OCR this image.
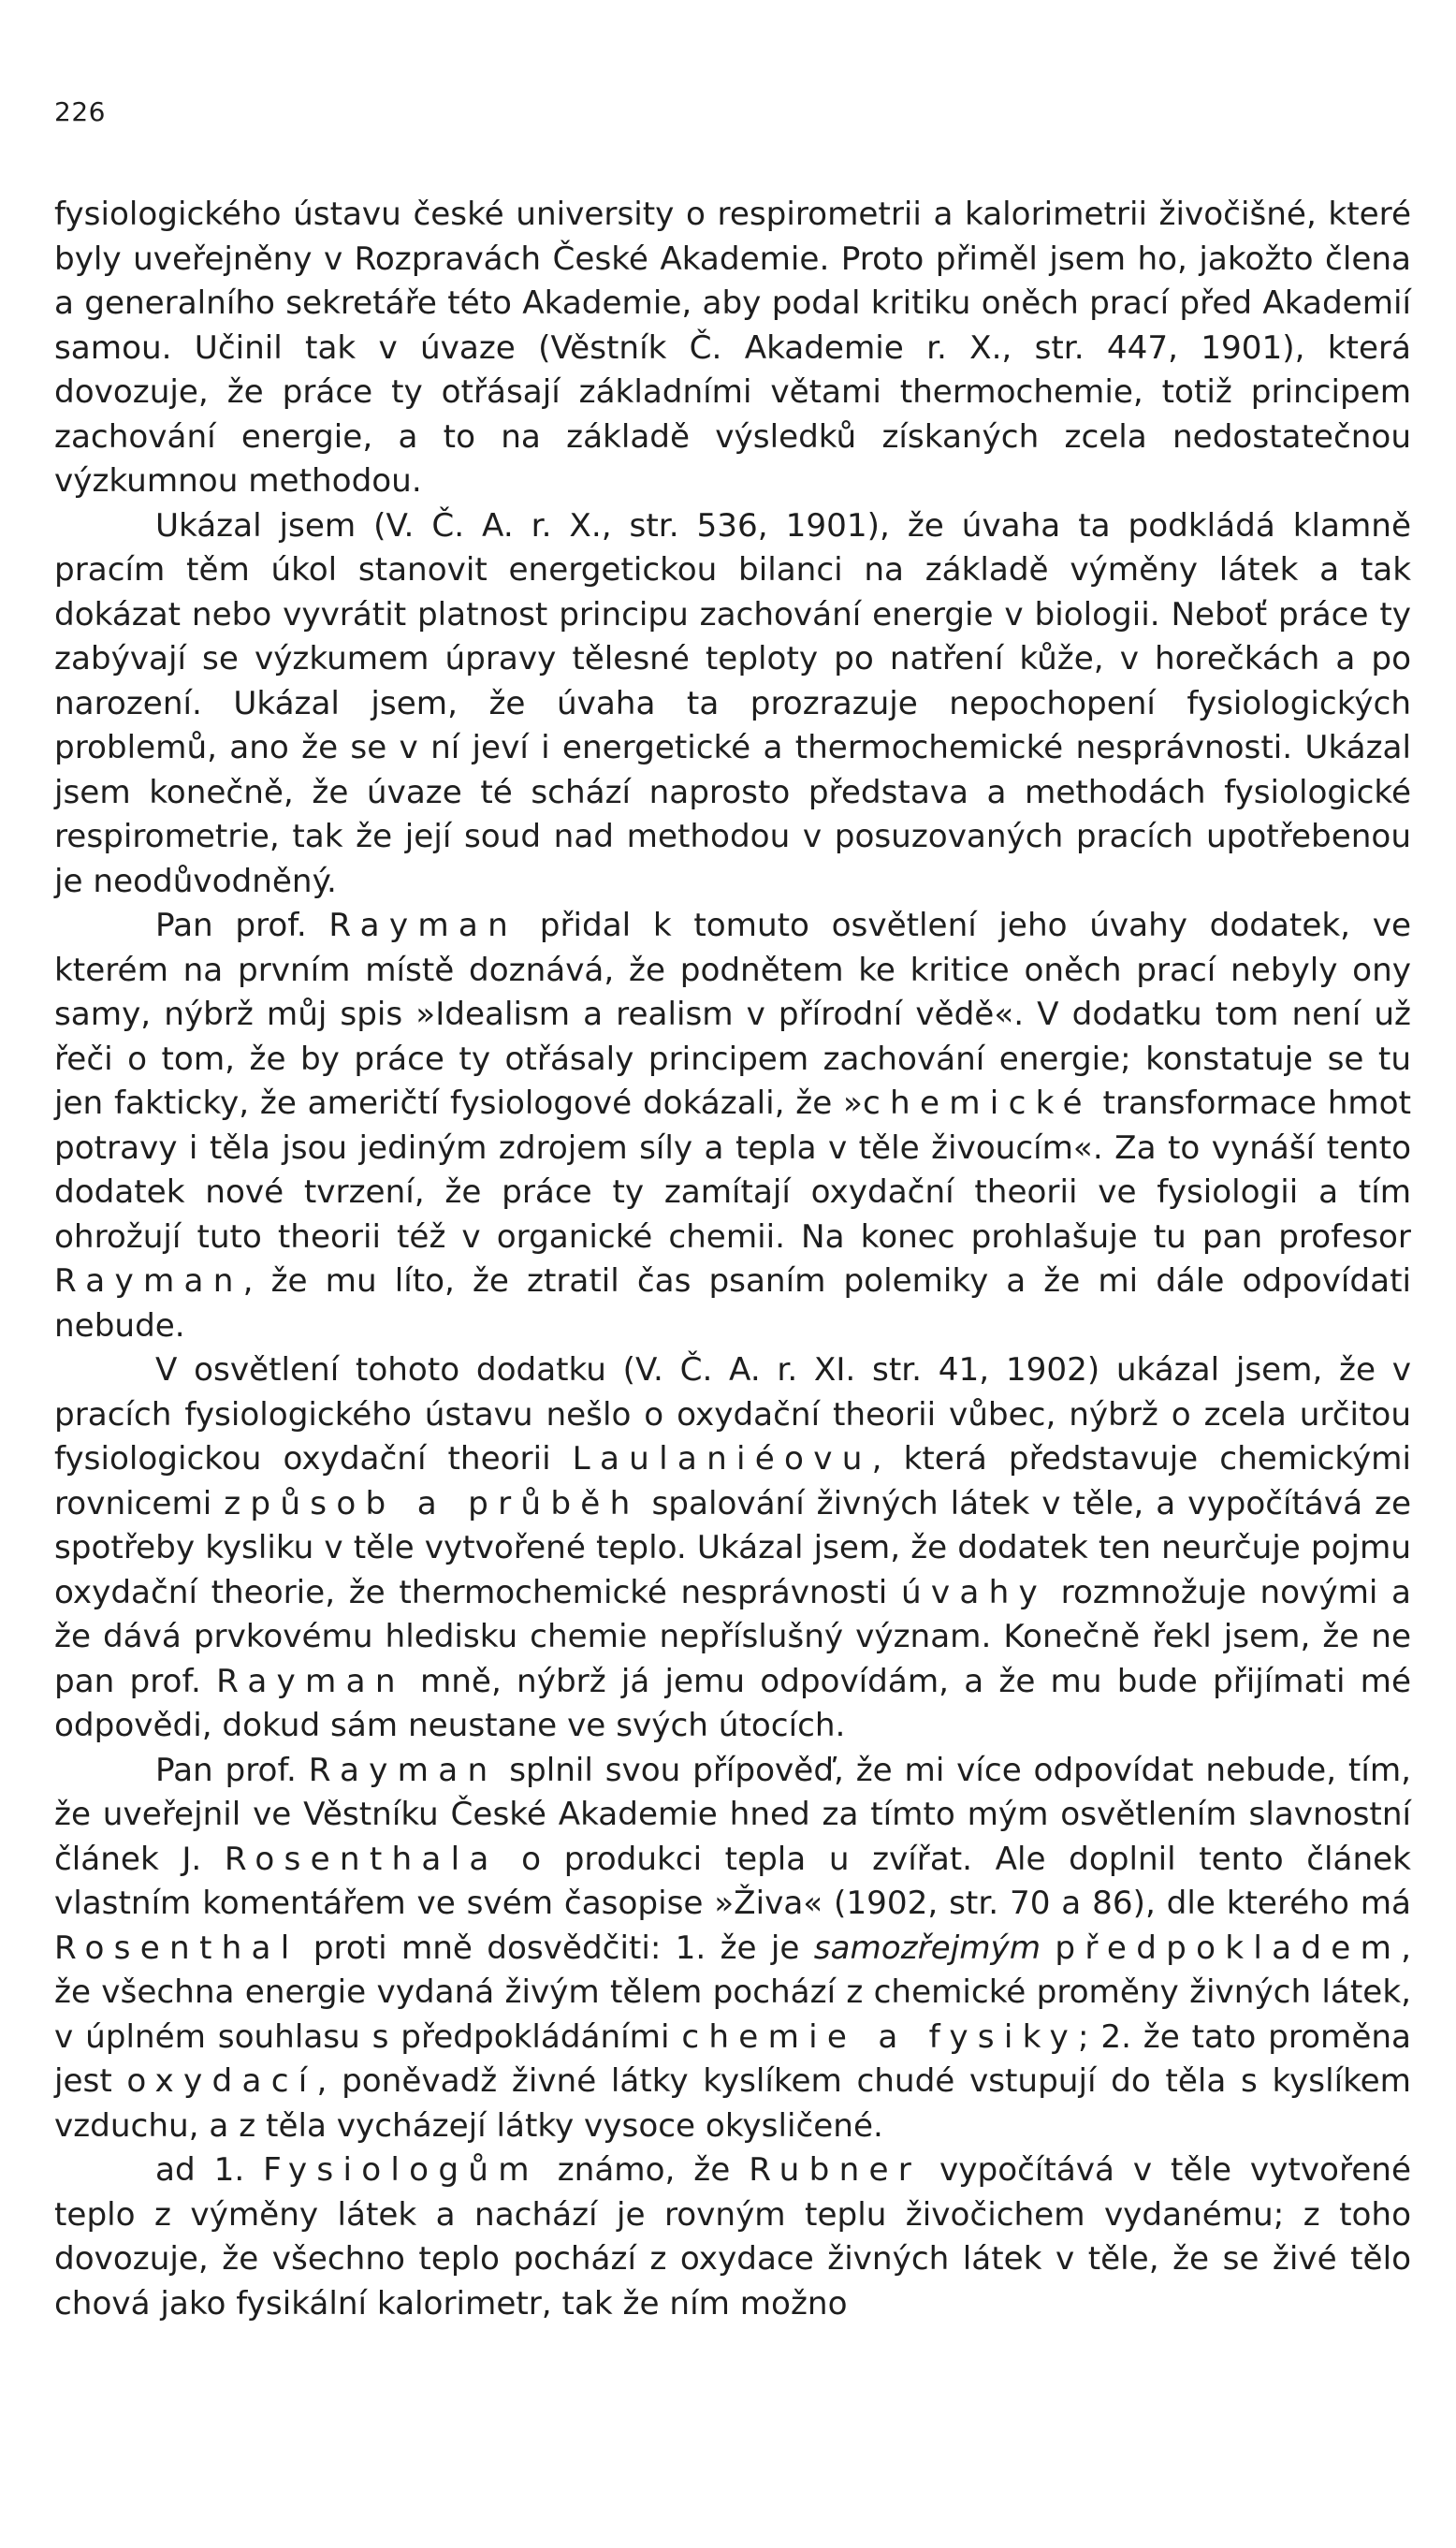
226

fysiologického ústavu české university o respirometrii a kalorimetrii živočišné, které byly uveřejněny v Rozpravách České Akademie. Proto přiměl jsem ho, jakožto člena a generalního sekretáře této Akademie, aby podal kritiku oněch prací před Akademií samou. Učinil tak v úvaze (Věstník Č. Akademie r. X., str. 447, 1901), která dovozuje, že práce ty otřásají základními větami thermochemie, totiž principem zachování energie, a to na základě výsledků získaných zcela nedostatečnou výzkumnou methodou.

Ukázal jsem (V. Č. A. r. X., str. 536, 1901), že úvaha ta podkládá klamně pracím těm úkol stanovit energetickou bilanci na základě výměny látek a tak dokázat nebo vyvrátit platnost principu zachování energie v biologii. Neboť práce ty zabývají se výzkumem úpravy tělesné teploty po natření kůže, v horečkách a po narození. Ukázal jsem, že úvaha ta prozrazuje nepochopení fysiologických problemů, ano že se v ní jeví i energetické a thermochemické nesprávnosti. Ukázal jsem konečně, že úvaze té schází naprosto představa a methodách fysiologické respirometrie, tak že její soud nad methodou v posuzovaných pracích upotřebenou je neodůvodněný.

Pan prof. Rayman přidal k tomuto osvětlení jeho úvahy dodatek, ve kterém na prvním místě doznává, že podnětem ke kritice oněch prací nebyly ony samy, nýbrž můj spis »Idealism a realism v přírodní vědě«. V dodatku tom není už řeči o tom, že by práce ty otřásaly principem zachování energie; konstatuje se tu jen fakticky, že američtí fysiologové dokázali, že »chemické transformace hmot potravy i těla jsou jediným zdrojem síly a tepla v těle živoucím«. Za to vynáší tento dodatek nové tvrzení, že práce ty zamítají oxydační theorii ve fysiologii a tím ohrožují tuto theorii též v organické chemii. Na konec prohlašuje tu pan profesor Rayman, že mu líto, že ztratil čas psaním polemiky a že mi dále odpovídati nebude.

V osvětlení tohoto dodatku (V. Č. A. r. XI. str. 41, 1902) ukázal jsem, že v pracích fysiologického ústavu nešlo o oxydační theorii vůbec, nýbrž o zcela určitou fysiologickou oxydační theorii Laulaniéovu, která představuje chemickými rovnicemi způsob a průběh spalování živných látek v těle, a vypočítává ze spotřeby kysliku v těle vytvořené teplo. Ukázal jsem, že dodatek ten neurčuje pojmu oxydační theorie, že thermochemické nesprávnosti úvahy rozmnožuje novými a že dává prvkovému hledisku chemie nepříslušný význam. Konečně řekl jsem, že ne pan prof. Rayman mně, nýbrž já jemu odpovídám, a že mu bude přijímati mé odpovědi, dokud sám neustane ve svých útocích.

Pan prof. Rayman splnil svou přípověď, že mi více odpovídat nebude, tím, že uveřejnil ve Věstníku České Akademie hned za tímto mým osvětlením slavnostní článek J. Rosenthala o produkci tepla u zvířat. Ale doplnil tento článek vlastním komentářem ve svém časopise »Živa« (1902, str. 70 a 86), dle kterého má Rosenthal proti mně dosvědčiti: 1. že je samozřejmým předpokladem, že všechna energie vydaná živým tělem pochází z chemické proměny živných látek, v úplném souhlasu s předpokládáními chemie a fysiky; 2. že tato proměna jest oxydací, poněvadž živné látky kyslíkem chudé vstupují do těla s kyslíkem vzduchu, a z těla vycházejí látky vysoce okysličené.

ad 1. Fysiologům známo, že Rubner vypočítává v těle vytvořené teplo z výměny látek a nachází je rovným teplu živočichem vydanému; z toho dovozuje, že všechno teplo pochází z oxydace živných látek v těle, že se živé tělo chová jako fysikální kalorimetr, tak že ním možno
